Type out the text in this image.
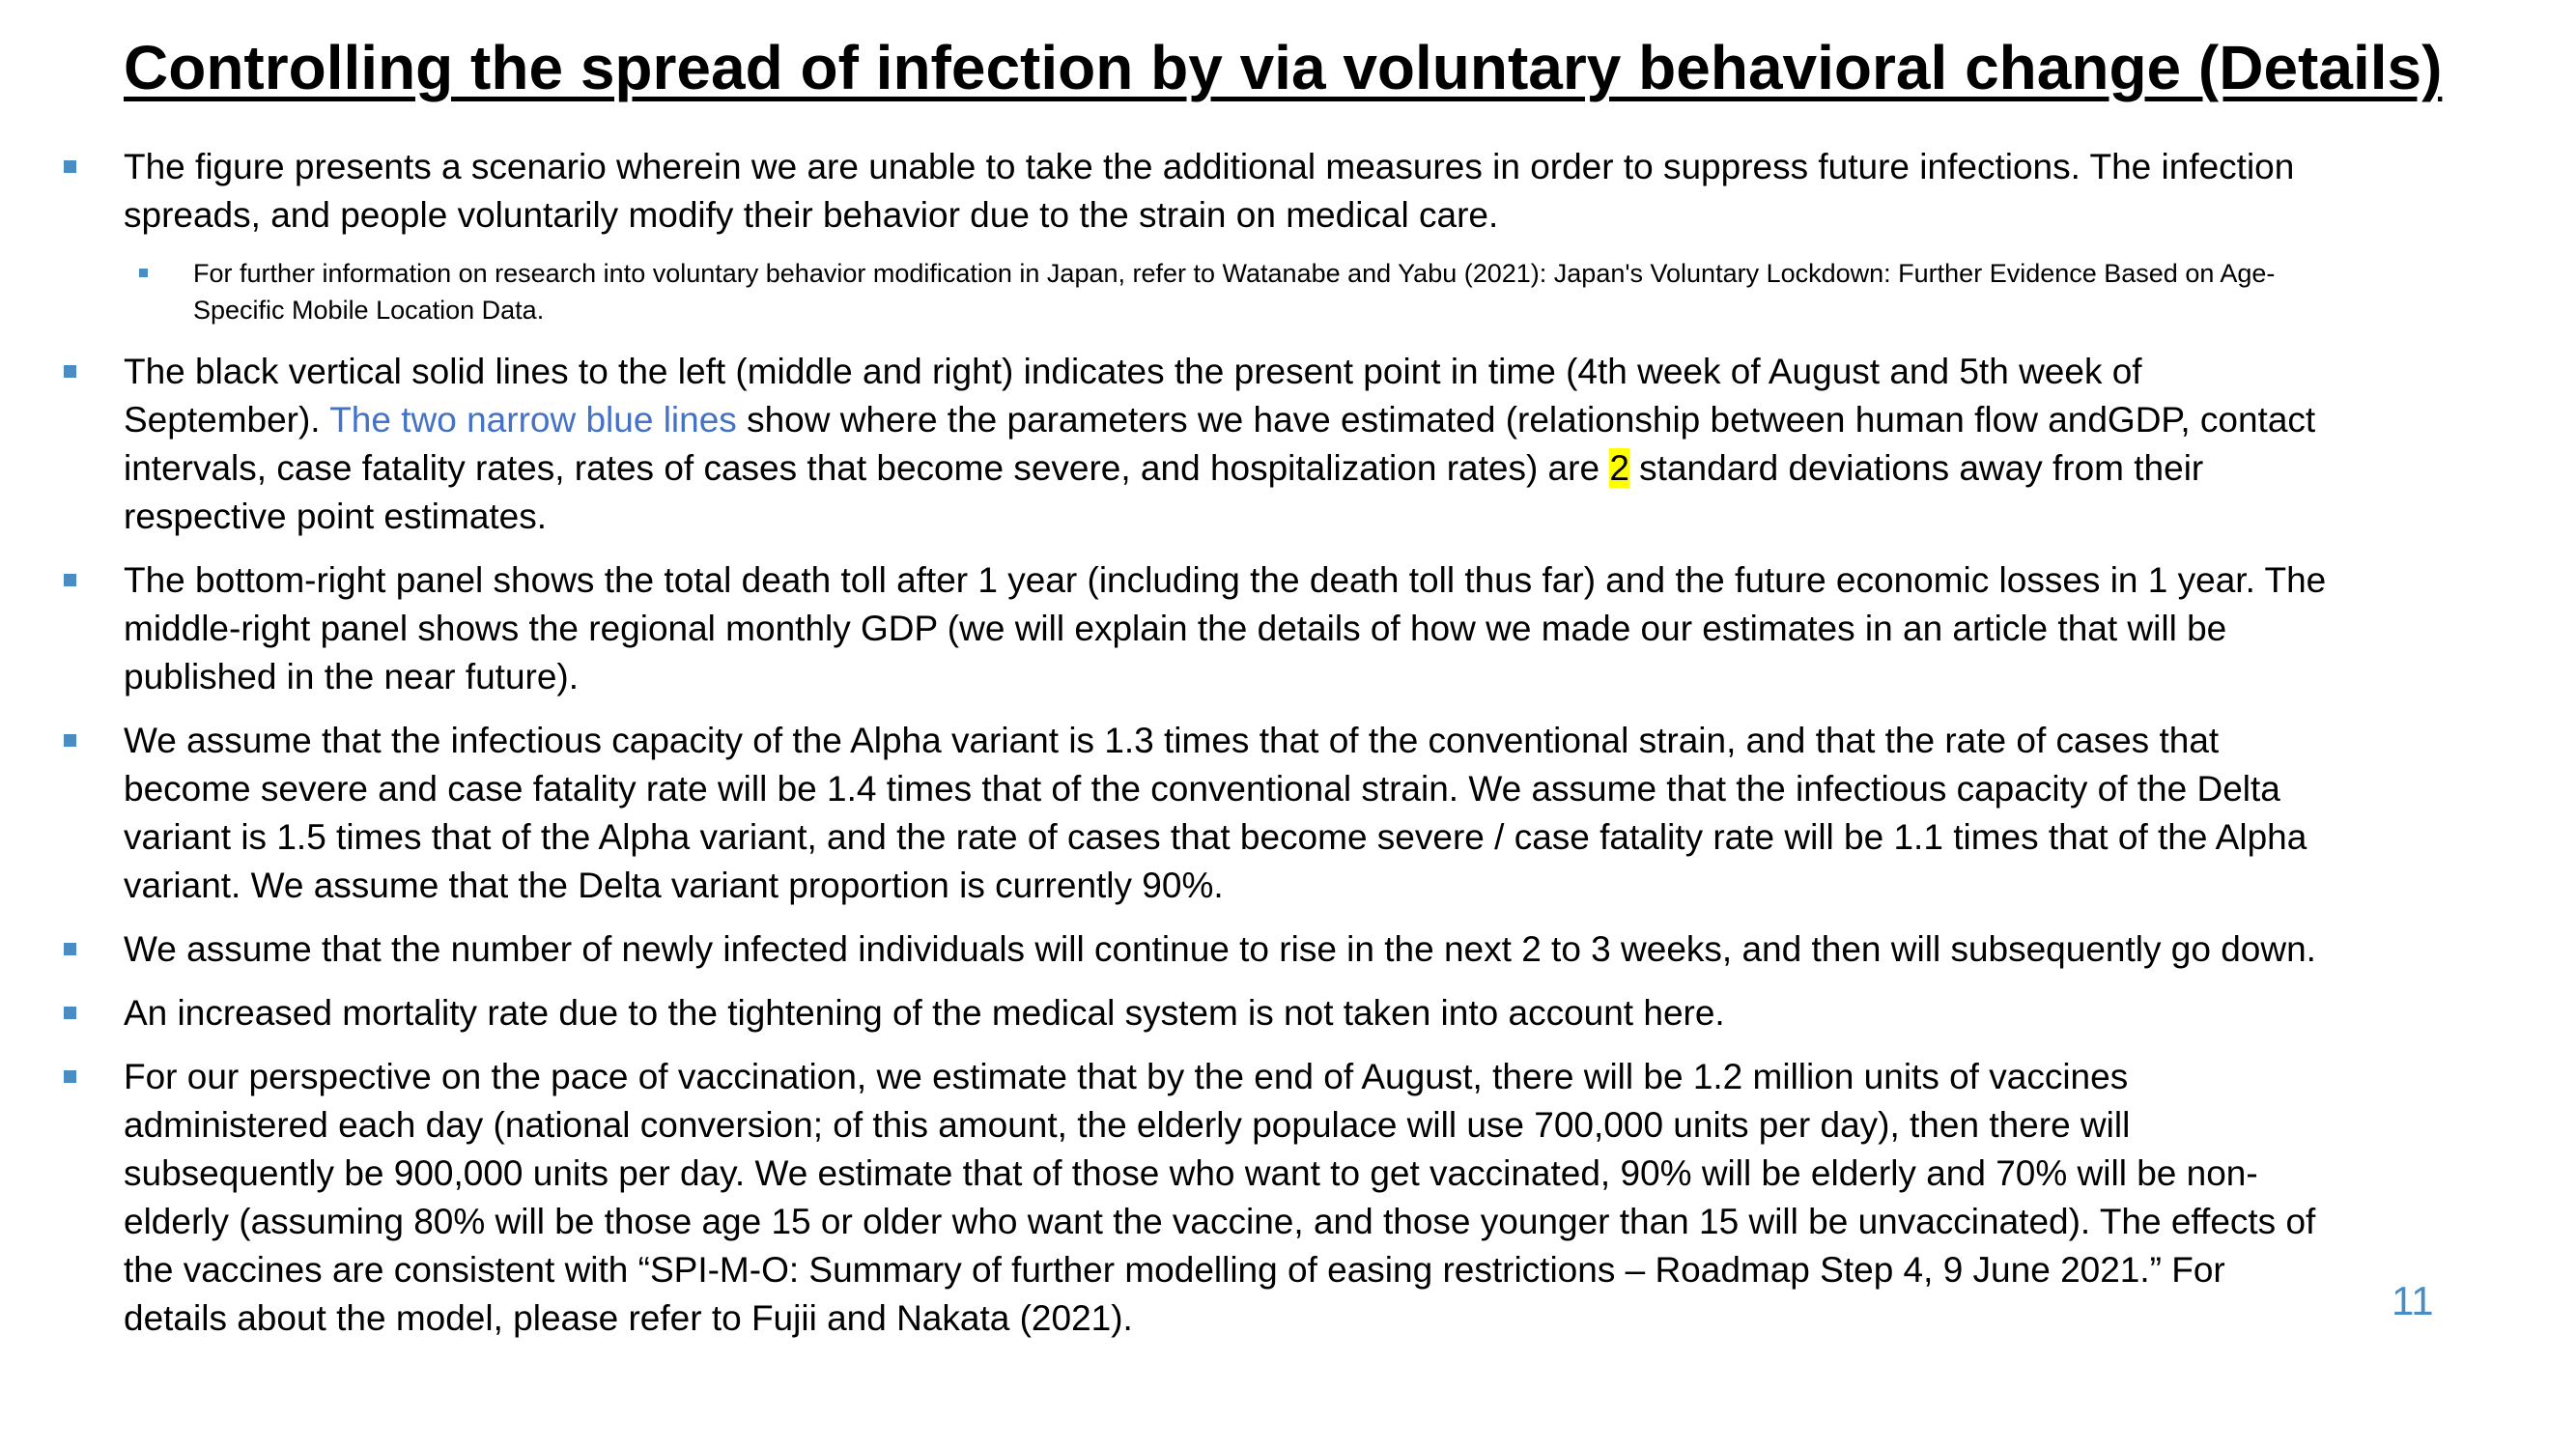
Controlling the spread of infection by via voluntary behavioral change (Details)
The figure presents a scenario wherein we are unable to take the additional measures in order to suppress future infections. The infection spreads, and people voluntarily modify their behavior due to the strain on medical care.
For further information on research into voluntary behavior modification in Japan, refer to Watanabe and Yabu (2021): Japan's Voluntary Lockdown: Further Evidence Based on Age-Specific Mobile Location Data.
The black vertical solid lines to the left (middle and right) indicates the present point in time (4th week of August and 5th week of September). The two narrow blue lines show where the parameters we have estimated (relationship between human flow andGDP, contact intervals, case fatality rates, rates of cases that become severe, and hospitalization rates) are 2 standard deviations away from their respective point estimates.
The bottom-right panel shows the total death toll after 1 year (including the death toll thus far) and the future economic losses in 1 year. The middle-right panel shows the regional monthly GDP (we will explain the details of how we made our estimates in an article that will be published in the near future).
We assume that the infectious capacity of the Alpha variant is 1.3 times that of the conventional strain, and that the rate of cases that become severe and case fatality rate will be 1.4 times that of the conventional strain. We assume that the infectious capacity of the Delta variant is 1.5 times that of the Alpha variant, and the rate of cases that become severe / case fatality rate will be 1.1 times that of the Alpha variant. We assume that the Delta variant proportion is currently 90%.
We assume that the number of newly infected individuals will continue to rise in the next 2 to 3 weeks, and then will subsequently go down.
An increased mortality rate due to the tightening of the medical system is not taken into account here.
For our perspective on the pace of vaccination, we estimate that by the end of August, there will be 1.2 million units of vaccines administered each day (national conversion; of this amount, the elderly populace will use 700,000 units per day), then there will subsequently be 900,000 units per day. We estimate that of those who want to get vaccinated, 90% will be elderly and 70% will be non-elderly (assuming 80% will be those age 15 or older who want the vaccine, and those younger than 15 will be unvaccinated). The effects of the vaccines are consistent with “SPI-M-O: Summary of further modelling of easing restrictions – Roadmap Step 4, 9 June 2021.” For details about the model, please refer to Fujii and Nakata (2021).	11
